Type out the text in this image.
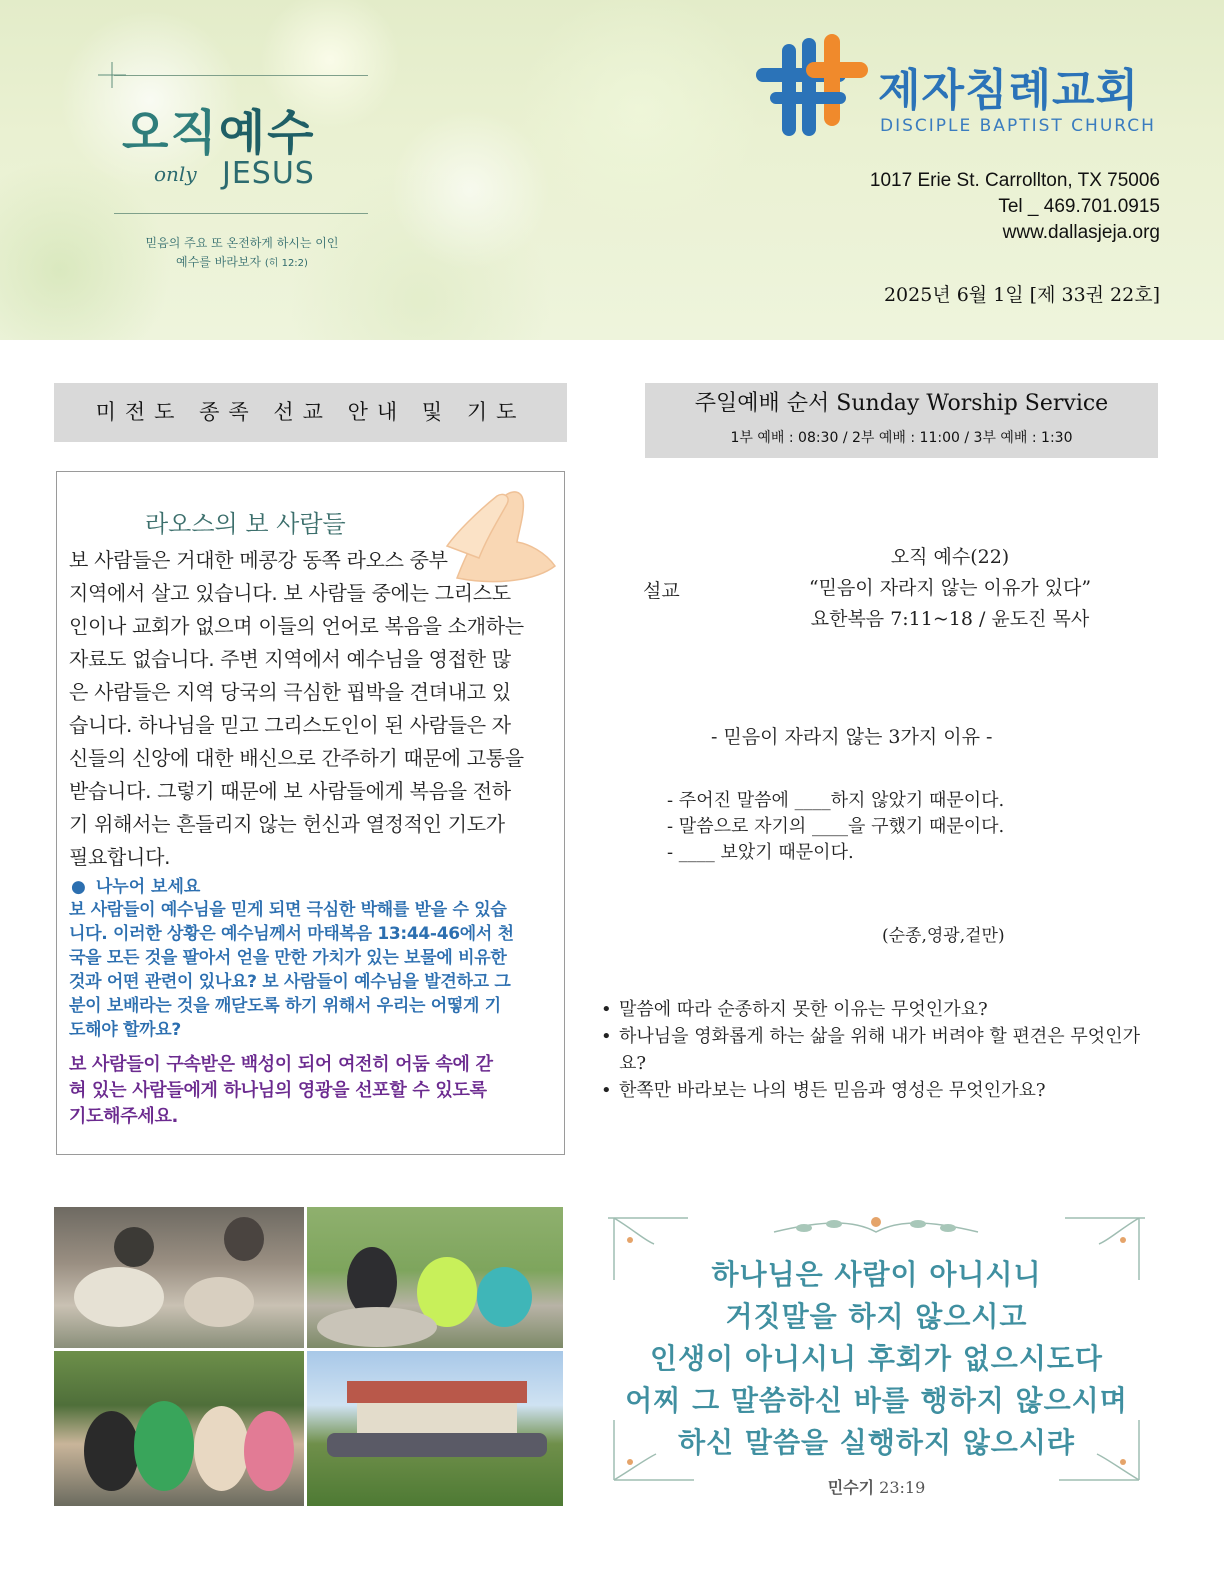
오직예수
only JESUS
믿음의 주요 또 온전하게 하시는 이인
예수를 바라보자 (히 12:2)
제자침례교회
DISCIPLE BAPTIST CHURCH
1017 Erie St. Carrollton, TX 75006
Tel _ 469.701.0915
www.dallasjeja.org
2025년 6월 1일 [제 33권 22호]
미전도 종족 선교 안내 및 기도	주일예배 순서 Sunday Worship Service
1부 예배 : 08:30 / 2부 예배 : 11:00 / 3부 예배 : 1:30
라오스의 보 사람들
보 사람들은 거대한 메콩강 동쪽 라오스 중부
지역에서 살고 있습니다. 보 사람들 중에는 그리스도
인이나 교회가 없으며 이들의 언어로 복음을 소개하는
자료도 없습니다. 주변 지역에서 예수님을 영접한 많
은 사람들은 지역 당국의 극심한 핍박을 견뎌내고 있
습니다. 하나님을 믿고 그리스도인이 된 사람들은 자
신들의 신앙에 대한 배신으로 간주하기 때문에 고통을
받습니다. 그렇기 때문에 보 사람들에게 복음을 전하
기 위해서는 흔들리지 않는 헌신과 열정적인 기도가
필요합니다.
● 나누어 보세요
보 사람들이 예수님을 믿게 되면 극심한 박해를 받을 수 있습
니다. 이러한 상황은 예수님께서 마태복음 13:44-46에서 천
국을 모든 것을 팔아서 얻을 만한 가치가 있는 보물에 비유한
것과 어떤 관련이 있나요? 보 사람들이 예수님을 발견하고 그
분이 보배라는 것을 깨닫도록 하기 위해서 우리는 어떻게 기
도해야 할까요?
보 사람들이 구속받은 백성이 되어 여전히 어둠 속에 갇
혀 있는 사람들에게 하나님의 영광을 선포할 수 있도록
기도해주세요.
설교
오직 예수(22)
“믿음이 자라지 않는 이유가 있다”
요한복음 7:11~18 / 윤도진 목사
- 믿음이 자라지 않는 3가지 이유 -
- 주어진 말씀에 ____하지 않았기 때문이다.
- 말씀으로 자기의 ____을 구했기 때문이다.
- ____ 보았기 때문이다.
(순종,영광,겉만)
• 말씀에 따라 순종하지 못한 이유는 무엇인가요?
• 하나님을 영화롭게 하는 삶을 위해 내가 버려야 할 편견은 무엇인가요?
• 한쪽만 바라보는 나의 병든 믿음과 영성은 무엇인가요?
하나님은 사람이 아니시니
거짓말을 하지 않으시고
인생이 아니시니 후회가 없으시도다
어찌 그 말씀하신 바를 행하지 않으시며
하신 말씀을 실행하지 않으시랴
민수기 23:19
